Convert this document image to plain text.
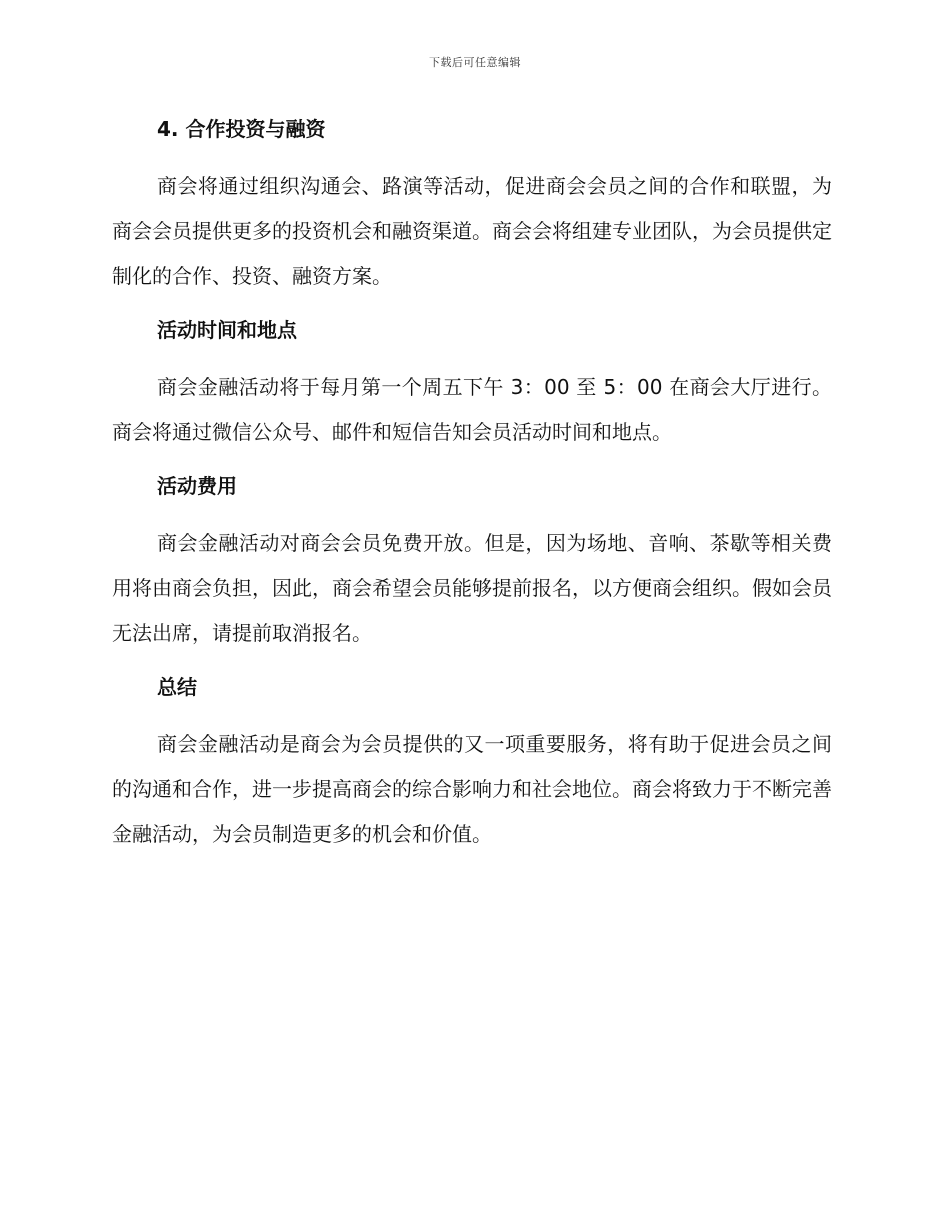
下载后可任意编辑
4. 合作投资与融资

商会将通过组织沟通会、路演等活动，促进商会会员之间的合作和联盟，为商会会员提供更多的投资机会和融资渠道。商会会将组建专业团队，为会员提供定制化的合作、投资、融资方案。

活动时间和地点

商会金融活动将于每月第一个周五下午 3：00 至 5：00 在商会大厅进行。商会将通过微信公众号、邮件和短信告知会员活动时间和地点。

活动费用

商会金融活动对商会会员免费开放。但是，因为场地、音响、茶歇等相关费用将由商会负担，因此，商会希望会员能够提前报名，以方便商会组织。假如会员无法出席，请提前取消报名。

总结

商会金融活动是商会为会员提供的又一项重要服务，将有助于促进会员之间的沟通和合作，进一步提高商会的综合影响力和社会地位。商会将致力于不断完善金融活动，为会员制造更多的机会和价值。
